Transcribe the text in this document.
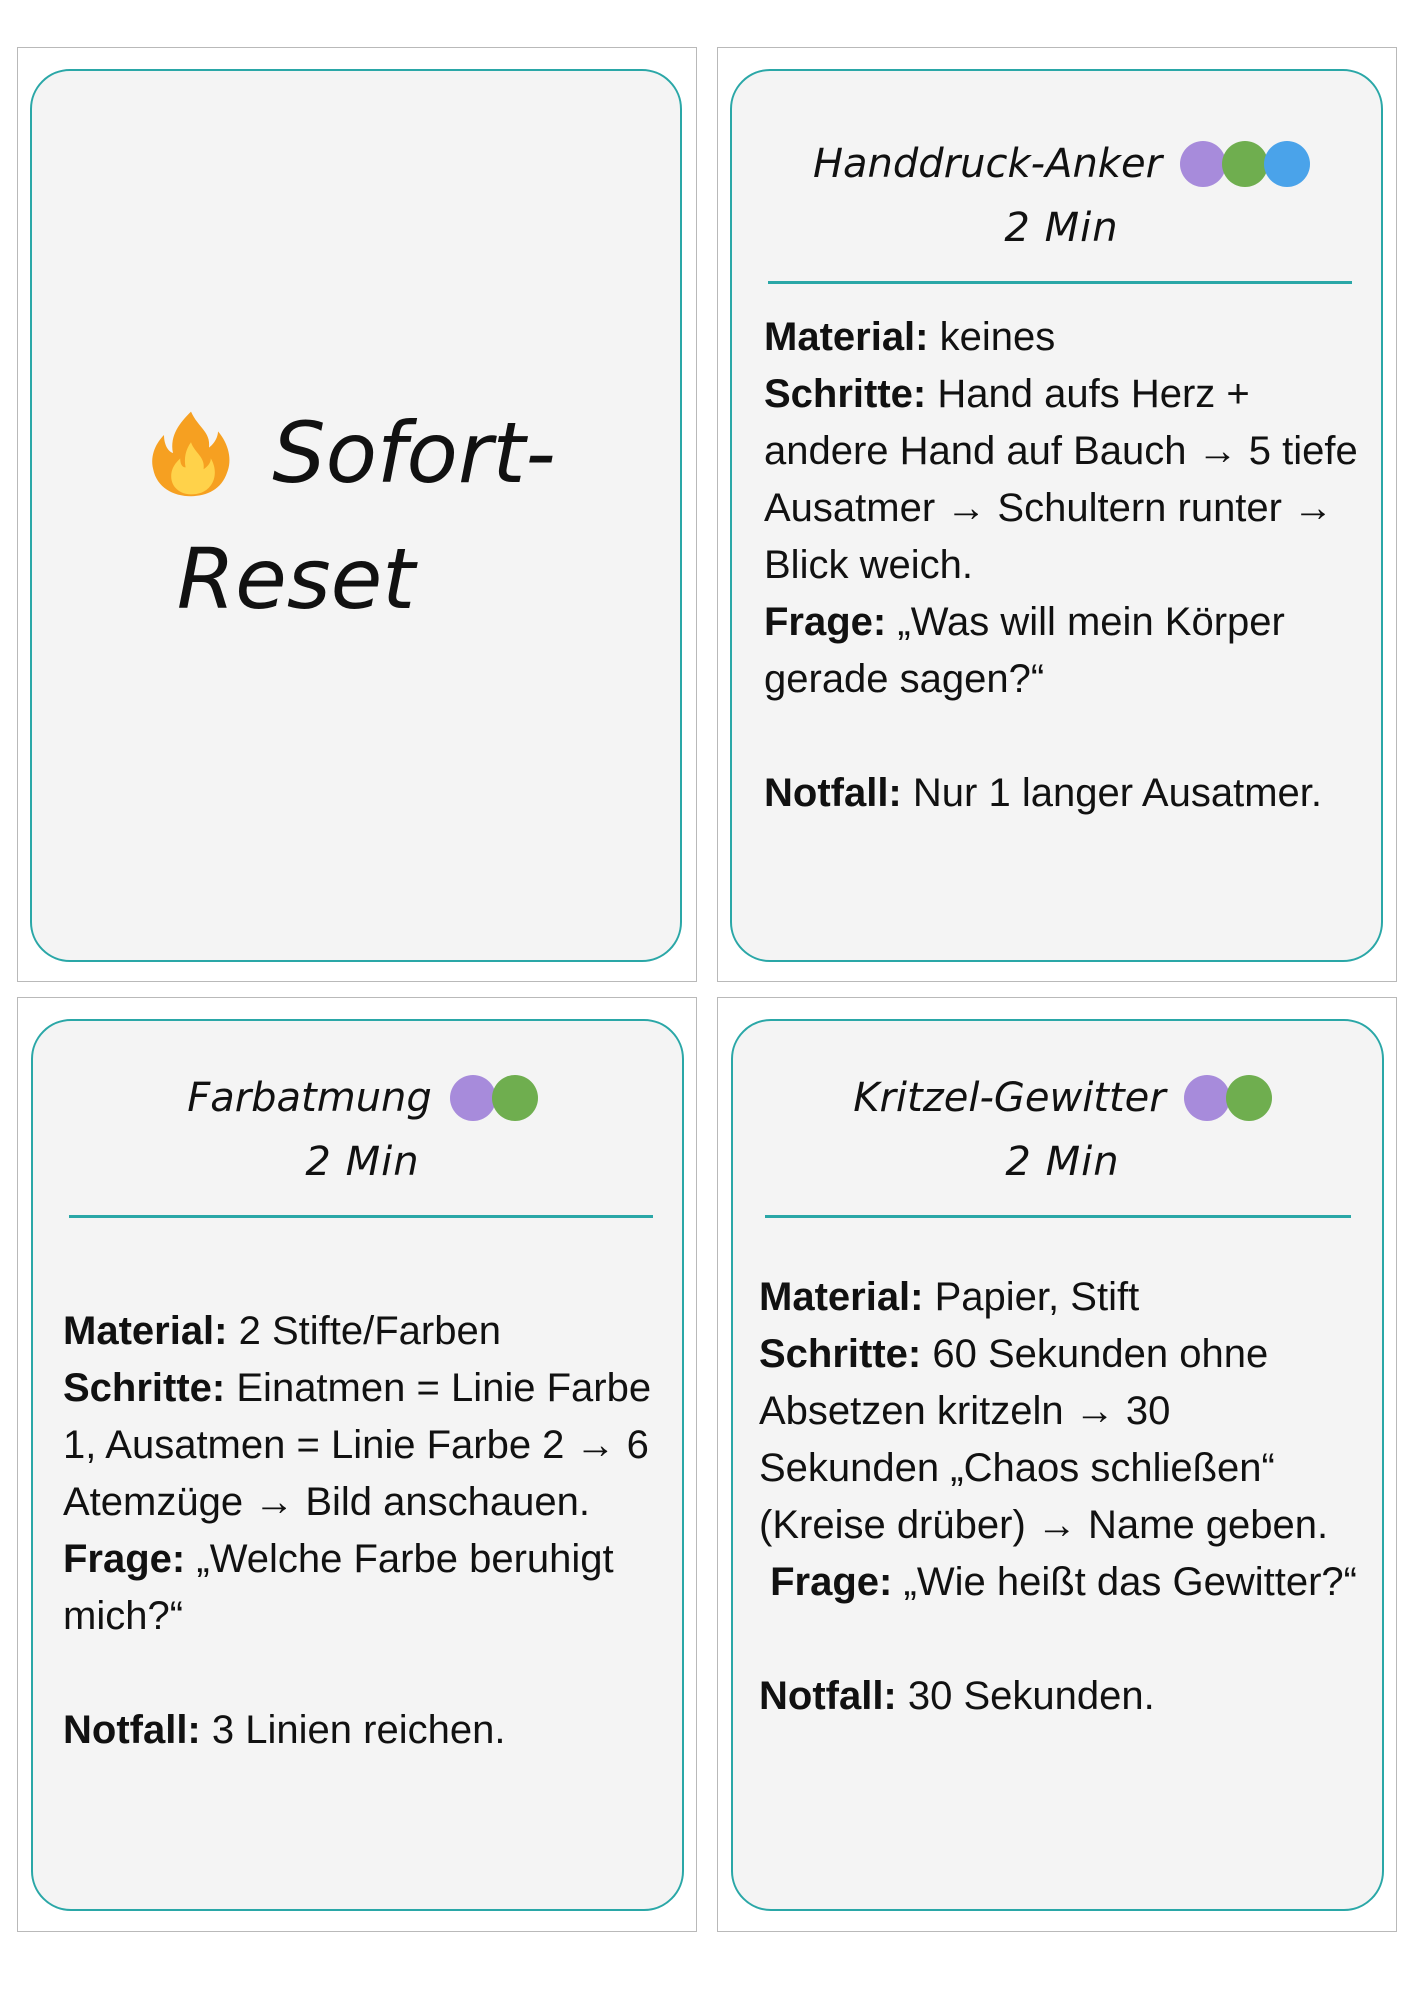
Sofort-
Reset
Handdruck-Anker
2 Min

Material: keines

Schritte: Hand aufs Herz + andere Hand auf Bauch → 5 tiefe Ausatmer → Schultern runter → Blick weich.

Frage: „Was will mein Körper gerade sagen?“

Notfall: Nur 1 langer Ausatmer.

Farbatmung
2 Min

Material: 2 Stifte/Farben

Schritte: Einatmen = Linie Farbe 1, Ausatmen = Linie Farbe 2 → 6 Atemzüge → Bild anschauen.

Frage: „Welche Farbe beruhigt mich?“

Notfall: 3 Linien reichen.

Kritzel-Gewitter
2 Min

Material: Papier, Stift

Schritte: 60 Sekunden ohne Absetzen kritzeln → 30 Sekunden „Chaos schließen“ (Kreise drüber) → Name geben.

Frage: „Wie heißt das Gewitter?“

Notfall: 30 Sekunden.
